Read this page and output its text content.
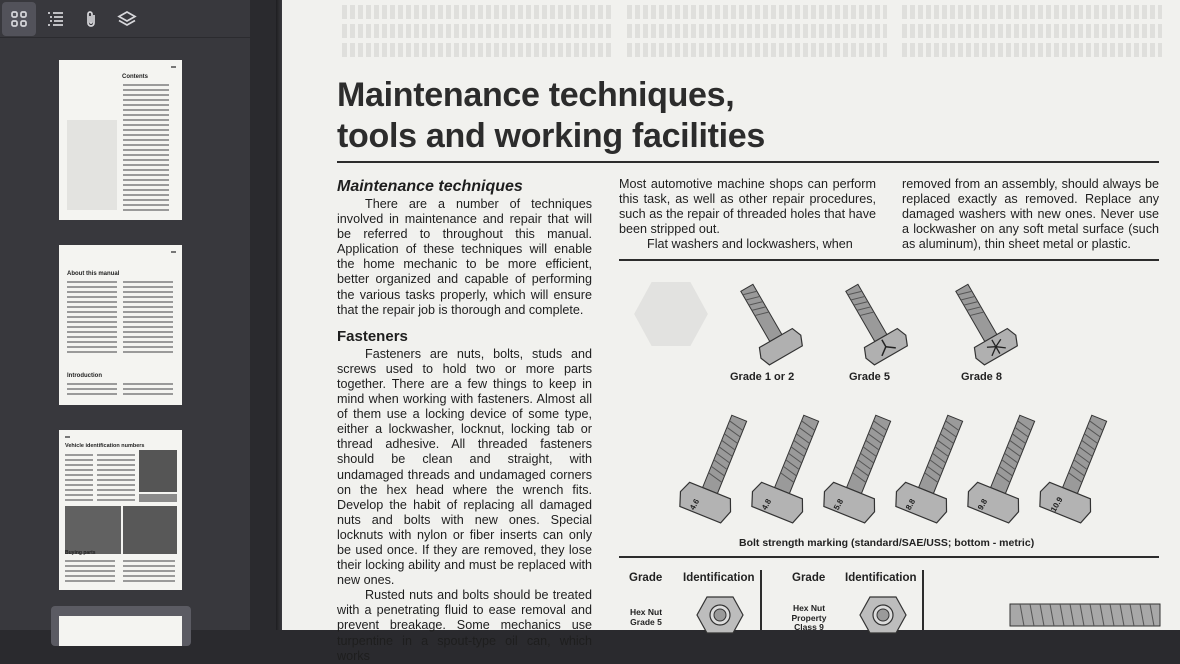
Contents
About this manual
Introduction
Vehicle identification numbers
Buying parts
Maintenance techniques,
tools and working facilities
Maintenance techniques

There are a number of techniques involved in maintenance and repair that will be referred to throughout this manual. Application of these techniques will enable the home mechanic to be more efficient, better organized and capable of performing the various tasks properly, which will ensure that the repair job is thorough and complete.

Fasteners

Fasteners are nuts, bolts, studs and screws used to hold two or more parts together. There are a few things to keep in mind when working with fasteners. Almost all of them use a locking device of some type, either a lockwasher, locknut, locking tab or thread adhesive. All threaded fasteners should be clean and straight, with undamaged threads and undamaged corners on the hex head where the wrench fits. Develop the habit of replacing all damaged nuts and bolts with new ones. Special locknuts with nylon or fiber inserts can only be used once. If they are removed, they lose their locking ability and must be replaced with new ones.

Rusted nuts and bolts should be treated with a penetrating fluid to ease removal and prevent breakage. Some mechanics use turpentine in a spout-type oil can, which works

Most automotive machine shops can perform this task, as well as other repair procedures, such as the repair of threaded holes that have been stripped out.

Flat washers and lockwashers, when

removed from an assembly, should always be replaced exactly as removed. Replace any damaged washers with new ones. Never use a lockwasher on any soft metal surface (such as aluminum), thin sheet metal or plastic.

Grade 1 or 2	Grade 5	Grade 8
4.6	4.8	5.8	8.8	9.8	10.9
Bolt strength marking (standard/SAE/USS; bottom - metric)
Grade Identification	Grade Identification
Hex Nut Grade 5
Hex Nut Property Class 9
